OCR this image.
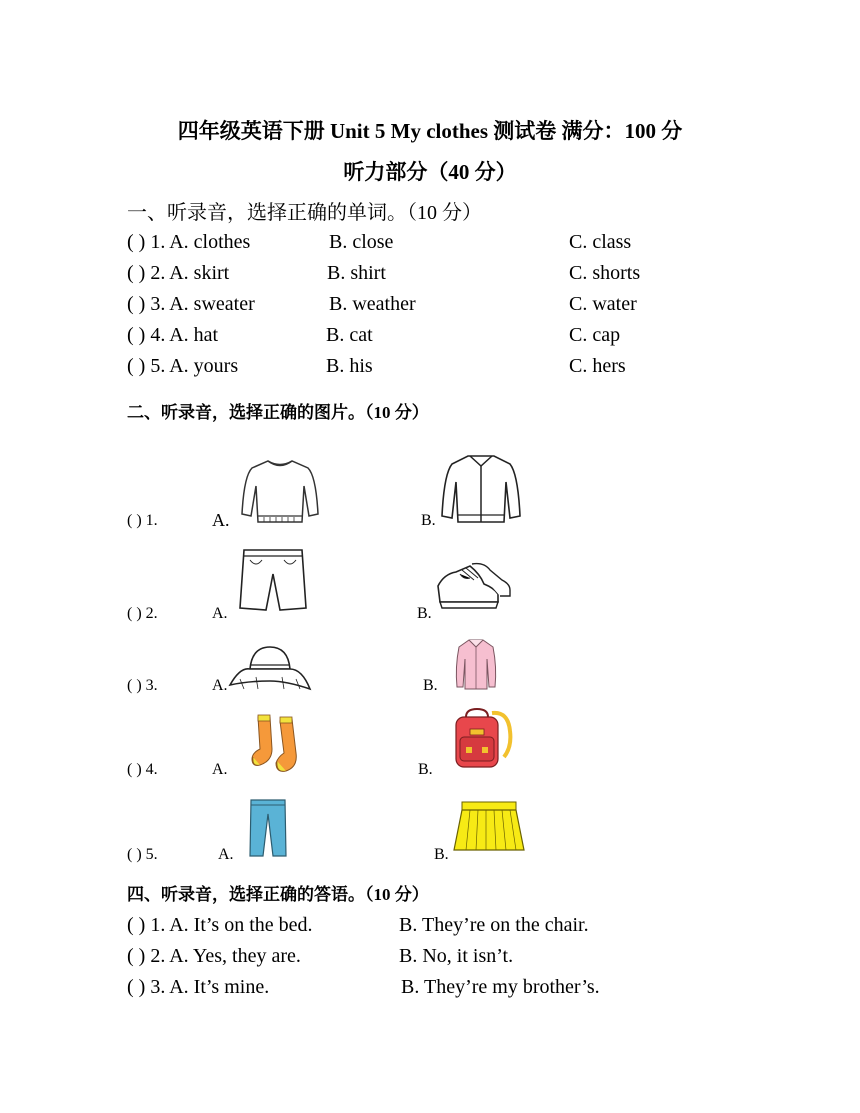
四年级英语下册 Unit 5 My clothes 测试卷 满分：100 分
听力部分（40 分）
一、听录音，选择正确的单词。（10 分）
( ) 1. A. clothes	B. close	C. class
( ) 2. A. skirt	B. shirt	C. shorts
( ) 3. A. sweater	B. weather	C. water
( ) 4. A. hat	B. cat	C. cap
( ) 5. A. yours	B. his	C. hers
二、听录音，选择正确的图片。（10 分）
( ) 1.	A.	B.
( ) 2.	A.	B.
( ) 3.	A.	B.
( ) 4.	A.	B.
( ) 5.	A.	B.
四、听录音，选择正确的答语。（10 分）
( ) 1. A. It’s on the bed.	B. They’re on the chair.
( ) 2. A. Yes, they are.	B. No, it isn’t.
( ) 3. A. It’s mine.	B. They’re my brother’s.
